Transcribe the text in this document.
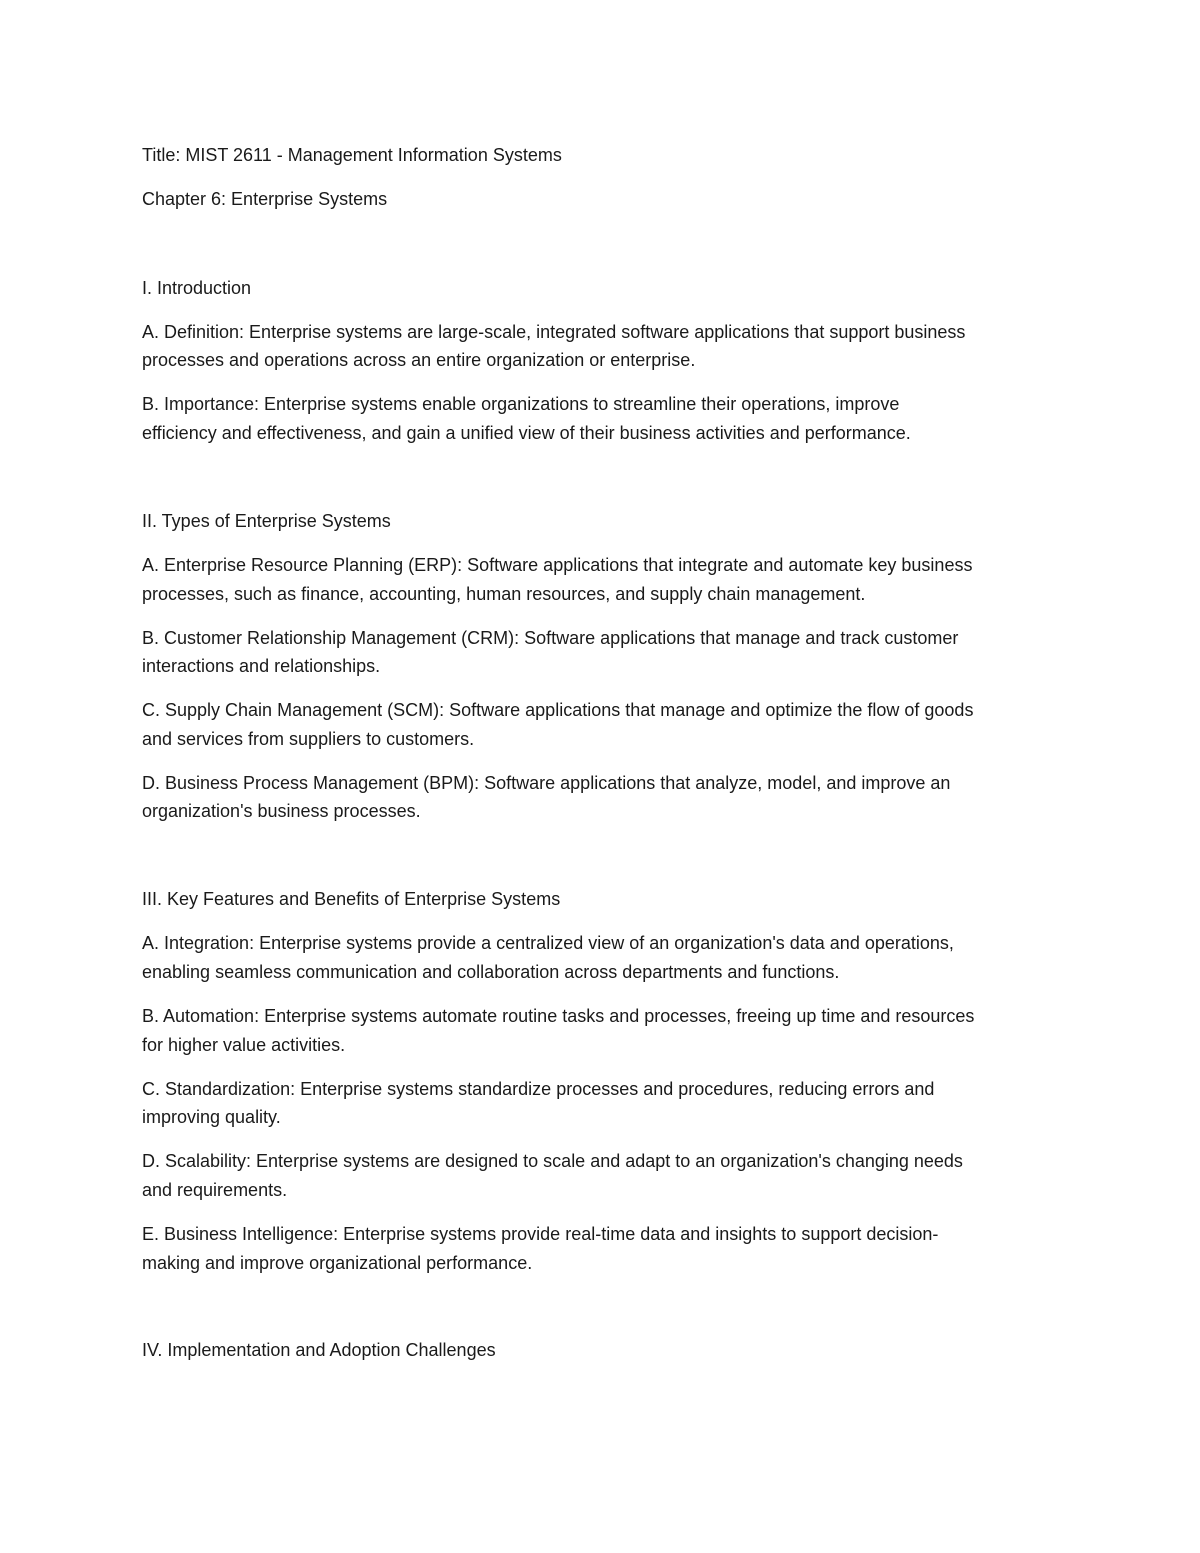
Title: MIST 2611 - Management Information Systems
Chapter 6: Enterprise Systems
I. Introduction
A. Definition: Enterprise systems are large-scale, integrated software applications that support business
processes and operations across an entire organization or enterprise.
B. Importance: Enterprise systems enable organizations to streamline their operations, improve
efficiency and effectiveness, and gain a unified view of their business activities and performance.
II. Types of Enterprise Systems
A. Enterprise Resource Planning (ERP): Software applications that integrate and automate key business
processes, such as finance, accounting, human resources, and supply chain management.
B. Customer Relationship Management (CRM): Software applications that manage and track customer
interactions and relationships.
C. Supply Chain Management (SCM): Software applications that manage and optimize the flow of goods
and services from suppliers to customers.
D. Business Process Management (BPM): Software applications that analyze, model, and improve an
organization's business processes.
III. Key Features and Benefits of Enterprise Systems
A. Integration: Enterprise systems provide a centralized view of an organization's data and operations,
enabling seamless communication and collaboration across departments and functions.
B. Automation: Enterprise systems automate routine tasks and processes, freeing up time and resources
for higher value activities.
C. Standardization: Enterprise systems standardize processes and procedures, reducing errors and
improving quality.
D. Scalability: Enterprise systems are designed to scale and adapt to an organization's changing needs
and requirements.
E. Business Intelligence: Enterprise systems provide real-time data and insights to support decision-
making and improve organizational performance.
IV. Implementation and Adoption Challenges
